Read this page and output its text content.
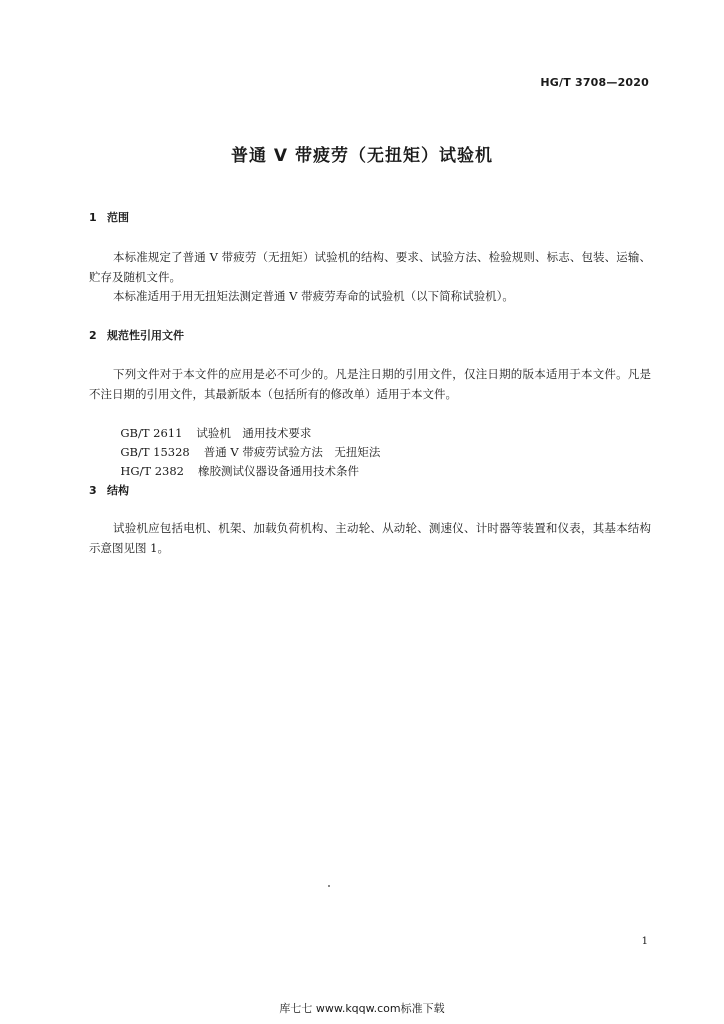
HG/T 3708—2020
普通 V 带疲劳（无扭矩）试验机
1 范围

本标准规定了普通 V 带疲劳（无扭矩）试验机的结构、要求、试验方法、检验规则、标志、包装、运输、贮存及随机文件。

本标准适用于用无扭矩法测定普通 V 带疲劳寿命的试验机（以下简称试验机）。

2 规范性引用文件

下列文件对于本文件的应用是必不可少的。凡是注日期的引用文件，仅注日期的版本适用于本文件。凡是不注日期的引用文件，其最新版本（包括所有的修改单）适用于本文件。

GB/T 2611 试验机　通用技术要求

GB/T 15328 普通 V 带疲劳试验方法　无扭矩法

HG/T 2382 橡胶测试仪器设备通用技术条件

3 结构

试验机应包括电机、机架、加载负荷机构、主动轮、从动轮、测速仪、计时器等装置和仪表，其基本结构示意图见图 1。

1
库七七 www.kqqw.com标准下载
